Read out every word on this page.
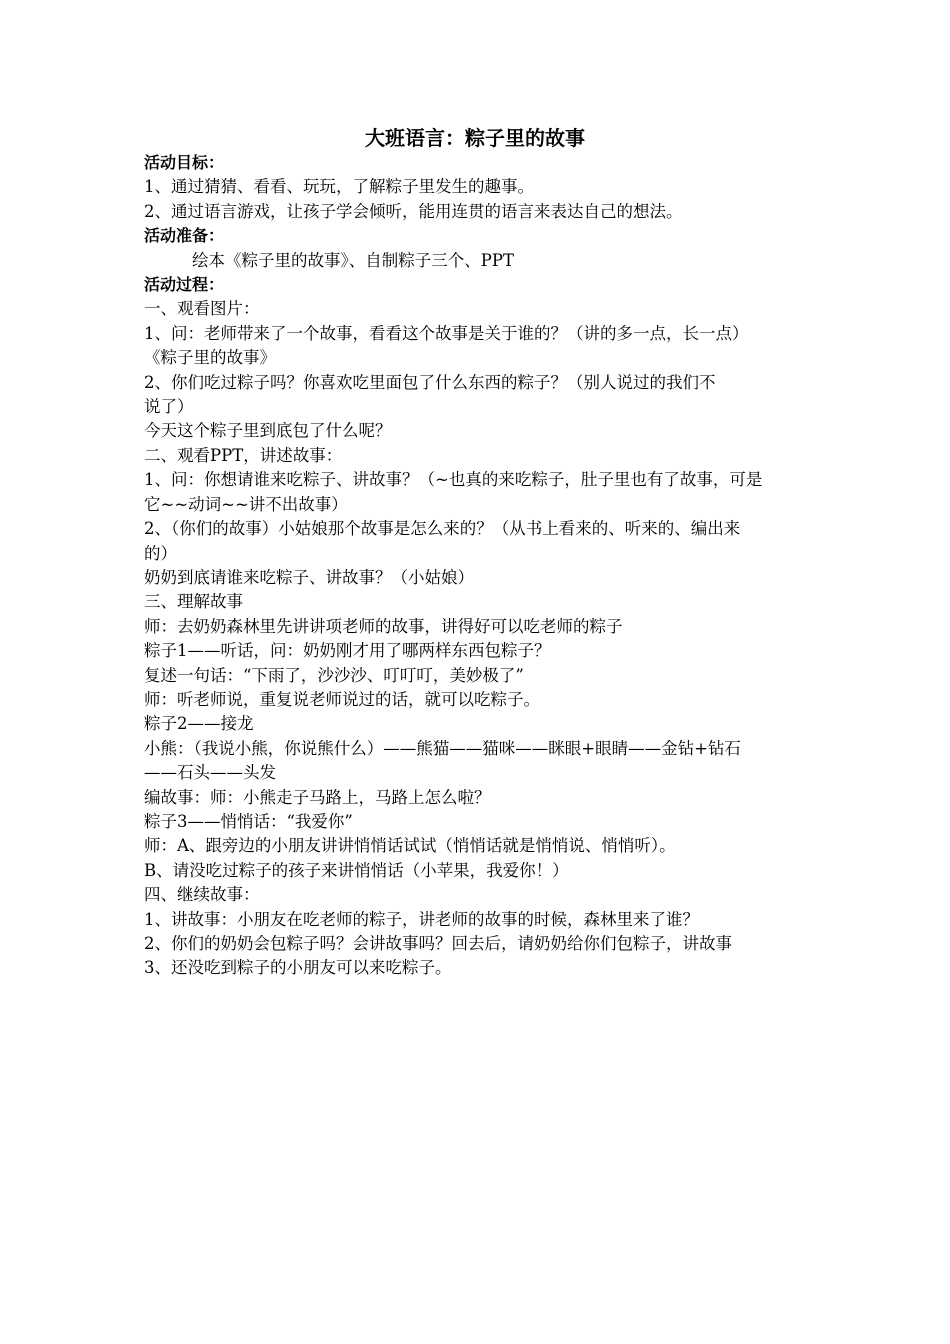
大班语言：粽子里的故事
活动目标：
1、通过猜猜、看看、玩玩，了解粽子里发生的趣事。
2、通过语言游戏，让孩子学会倾听，能用连贯的语言来表达自己的想法。
活动准备：
绘本《粽子里的故事》、自制粽子三个、PPT
活动过程：
一、观看图片：
1、问：老师带来了一个故事，看看这个故事是关于谁的？（讲的多一点，长一点）
《粽子里的故事》
2、你们吃过粽子吗？你喜欢吃里面包了什么东西的粽子？（别人说过的我们不
说了）
今天这个粽子里到底包了什么呢？
二、观看PPT，讲述故事：
1、问：你想请谁来吃粽子、讲故事？（~也真的来吃粽子，肚子里也有了故事，可是
它~~动词~~讲不出故事）
2、（你们的故事）小姑娘那个故事是怎么来的？（从书上看来的、听来的、编出来
的）
奶奶到底请谁来吃粽子、讲故事？（小姑娘）
三、理解故事
师：去奶奶森林里先讲讲项老师的故事，讲得好可以吃老师的粽子
粽子1——听话，问：奶奶刚才用了哪两样东西包粽子？
复述一句话：“下雨了，沙沙沙、叮叮叮，美妙极了”
师：听老师说，重复说老师说过的话，就可以吃粽子。
粽子2——接龙
小熊：（我说小熊，你说熊什么）——熊猫——猫咪——眯眼+眼睛——金钻+钻石
——石头——头发
编故事：师：小熊走子马路上，马路上怎么啦？
粽子3——悄悄话：“我爱你”
师：A、跟旁边的小朋友讲讲悄悄话试试（悄悄话就是悄悄说、悄悄听）。
B、请没吃过粽子的孩子来讲悄悄话（小苹果，我爱你！）
四、继续故事：
1、讲故事：小朋友在吃老师的粽子，讲老师的故事的时候，森林里来了谁？
2、你们的奶奶会包粽子吗？会讲故事吗？回去后，请奶奶给你们包粽子，讲故事
3、还没吃到粽子的小朋友可以来吃粽子。
